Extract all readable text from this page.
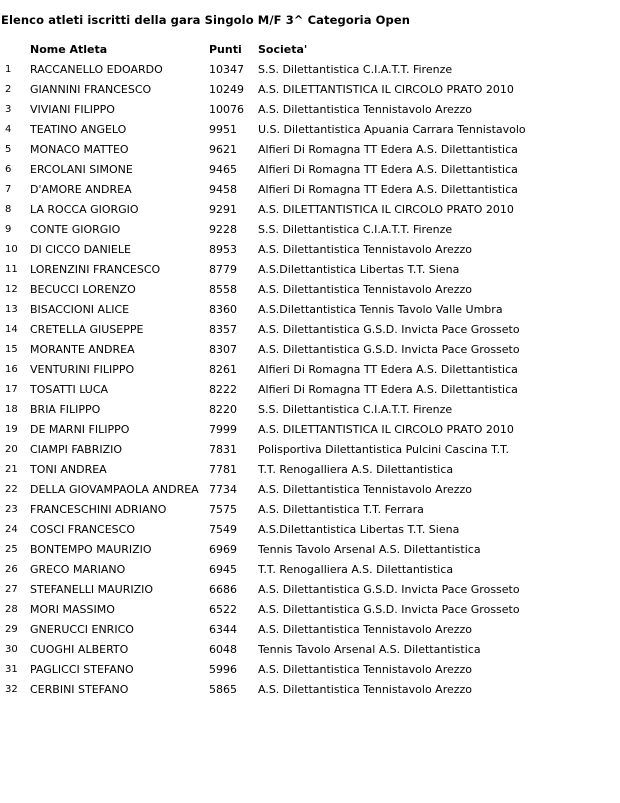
Elenco atleti iscritti della gara Singolo M/F 3^ Categoria Open
	Nome Atleta	Punti	Societa'
1	RACCANELLO EDOARDO	10347	S.S. Dilettantistica C.I.A.T.T. Firenze
2	GIANNINI FRANCESCO	10249	A.S. DILETTANTISTICA IL CIRCOLO PRATO 2010
3	VIVIANI FILIPPO	10076	A.S. Dilettantistica Tennistavolo Arezzo
4	TEATINO ANGELO	9951	U.S. Dilettantistica Apuania Carrara Tennistavolo
5	MONACO MATTEO	9621	Alfieri Di Romagna TT Edera A.S. Dilettantistica
6	ERCOLANI SIMONE	9465	Alfieri Di Romagna TT Edera A.S. Dilettantistica
7	D'AMORE ANDREA	9458	Alfieri Di Romagna TT Edera A.S. Dilettantistica
8	LA ROCCA GIORGIO	9291	A.S. DILETTANTISTICA IL CIRCOLO PRATO 2010
9	CONTE GIORGIO	9228	S.S. Dilettantistica C.I.A.T.T. Firenze
10	DI CICCO DANIELE	8953	A.S. Dilettantistica Tennistavolo Arezzo
11	LORENZINI FRANCESCO	8779	A.S.Dilettantistica Libertas T.T. Siena
12	BECUCCI LORENZO	8558	A.S. Dilettantistica Tennistavolo Arezzo
13	BISACCIONI ALICE	8360	A.S.Dilettantistica Tennis Tavolo Valle Umbra
14	CRETELLA GIUSEPPE	8357	A.S. Dilettantistica G.S.D. Invicta Pace Grosseto
15	MORANTE ANDREA	8307	A.S. Dilettantistica G.S.D. Invicta Pace Grosseto
16	VENTURINI FILIPPO	8261	Alfieri Di Romagna TT Edera A.S. Dilettantistica
17	TOSATTI LUCA	8222	Alfieri Di Romagna TT Edera A.S. Dilettantistica
18	BRIA FILIPPO	8220	S.S. Dilettantistica C.I.A.T.T. Firenze
19	DE MARNI FILIPPO	7999	A.S. DILETTANTISTICA IL CIRCOLO PRATO 2010
20	CIAMPI FABRIZIO	7831	Polisportiva Dilettantistica Pulcini Cascina T.T.
21	TONI ANDREA	7781	T.T. Renogalliera A.S. Dilettantistica
22	DELLA GIOVAMPAOLA ANDREA	7734	A.S. Dilettantistica Tennistavolo Arezzo
23	FRANCESCHINI ADRIANO	7575	A.S. Dilettantistica T.T. Ferrara
24	COSCI FRANCESCO	7549	A.S.Dilettantistica Libertas T.T. Siena
25	BONTEMPO MAURIZIO	6969	Tennis Tavolo Arsenal A.S. Dilettantistica
26	GRECO MARIANO	6945	T.T. Renogalliera A.S. Dilettantistica
27	STEFANELLI MAURIZIO	6686	A.S. Dilettantistica G.S.D. Invicta Pace Grosseto
28	MORI MASSIMO	6522	A.S. Dilettantistica G.S.D. Invicta Pace Grosseto
29	GNERUCCI ENRICO	6344	A.S. Dilettantistica Tennistavolo Arezzo
30	CUOGHI ALBERTO	6048	Tennis Tavolo Arsenal A.S. Dilettantistica
31	PAGLICCI STEFANO	5996	A.S. Dilettantistica Tennistavolo Arezzo
32	CERBINI STEFANO	5865	A.S. Dilettantistica Tennistavolo Arezzo
